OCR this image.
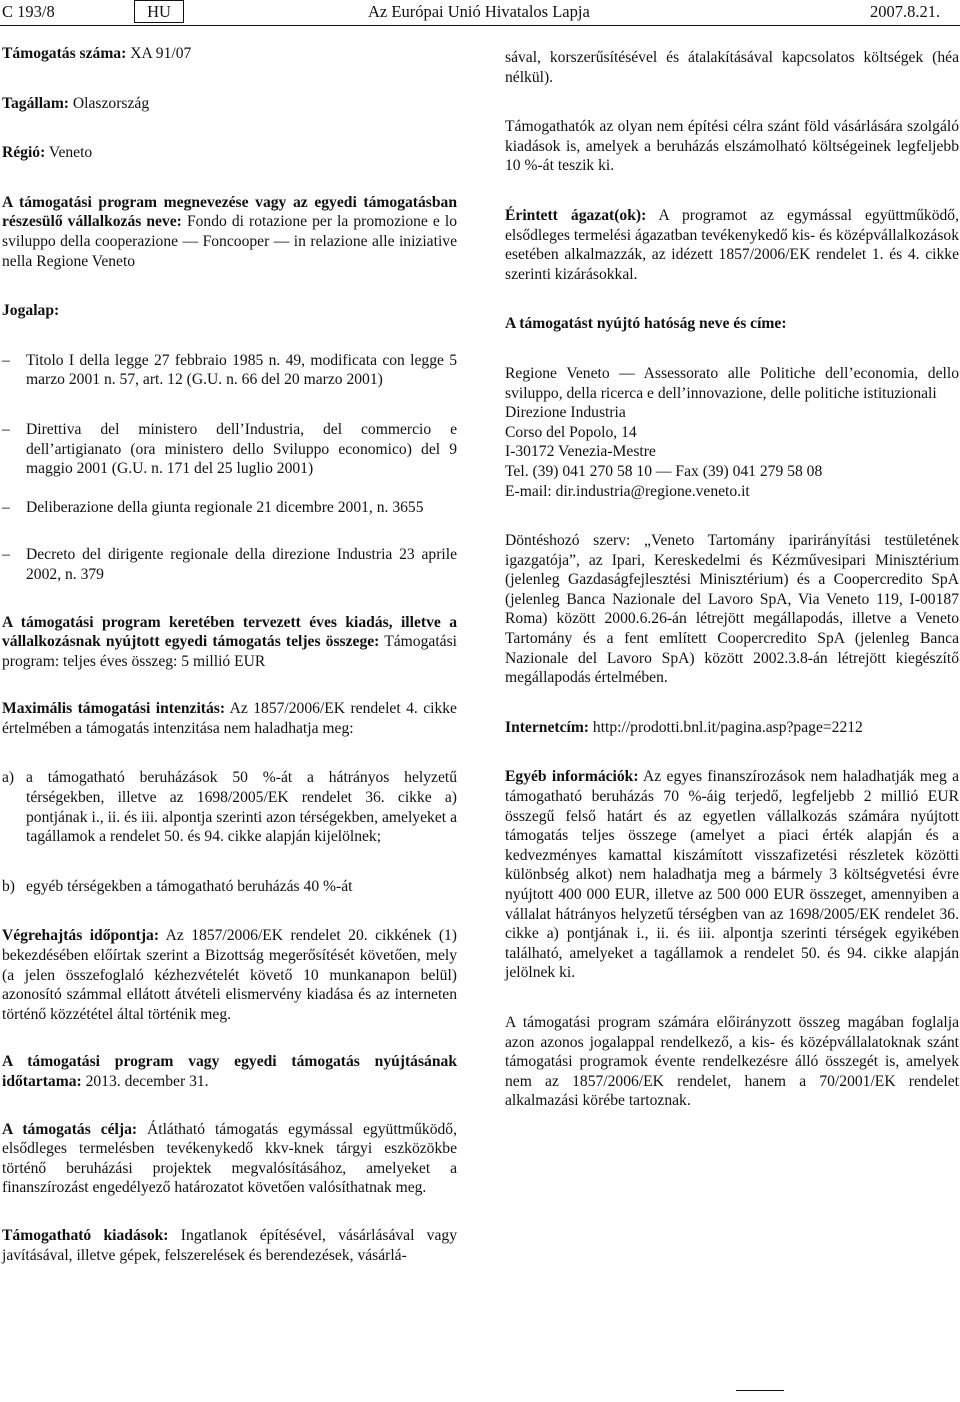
C 193/8	HU	Az Európai Unió Hivatalos Lapja	2007.8.21.

Támogatás száma: XA 91/07

Tagállam: Olaszország

Régió: Veneto

A támogatási program megnevezése vagy az egyedi támogatásban részesülő vállalkozás neve: Fondo di rotazione per la promozione e lo sviluppo della cooperazione — Foncooper — in relazione alle iniziative nella Regione Veneto

Jogalap:

– Titolo I della legge 27 febbraio 1985 n. 49, modificata con legge 5 marzo 2001 n. 57, art. 12 (G.U. n. 66 del 20 marzo 2001)
– Direttiva del ministero dell’Industria, del commercio e dell’artigianato (ora ministero dello Sviluppo economico) del 9 maggio 2001 (G.U. n. 171 del 25 luglio 2001)
– Deliberazione della giunta regionale 21 dicembre 2001, n. 3655
– Decreto del dirigente regionale della direzione Industria 23 aprile 2002, n. 379

A támogatási program keretében tervezett éves kiadás, illetve a vállalkozásnak nyújtott egyedi támogatás teljes összege: Támogatási program: teljes éves összeg: 5 millió EUR

Maximális támogatási intenzitás: Az 1857/2006/EK rendelet 4. cikke értelmében a támogatás intenzitása nem haladhatja meg:

a) a támogatható beruházások 50 %-át a hátrányos helyzetű térségekben, illetve az 1698/2005/EK rendelet 36. cikke a) pontjának i., ii. és iii. alpontja szerinti azon térségekben, amelyeket a tagállamok a rendelet 50. és 94. cikke alapján kijelölnek;
b) egyéb térségekben a támogatható beruházás 40 %-át

Végrehajtás időpontja: Az 1857/2006/EK rendelet 20. cikkének (1) bekezdésében előírtak szerint a Bizottság megerősítését követően, mely (a jelen összefoglaló kézhezvételét követő 10 munkanapon belül) azonosító számmal ellátott átvételi elismervény kiadása és az interneten történő közzététel által történik meg.

A támogatási program vagy egyedi támogatás nyújtásának időtartama: 2013. december 31.

A támogatás célja: Átlátható támogatás egymással együttműködő, elsődleges termelésben tevékenykedő kkv-knek tárgyi eszközökbe történő beruházási projektek megvalósításához, amelyeket a finanszírozást engedélyező határozatot követően valósíthatnak meg.

Támogatható kiadások: Ingatlanok építésével, vásárlásával vagy javításával, illetve gépek, felszerelések és berendezések, vásárlá-

sával, korszerűsítésével és átalakításával kapcsolatos költségek (héa nélkül).

Támogathatók az olyan nem építési célra szánt föld vásárlására szolgáló kiadások is, amelyek a beruházás elszámolható költségeinek legfeljebb 10 %-át teszik ki.

Érintett ágazat(ok): A programot az egymással együttműködő, elsődleges termelési ágazatban tevékenykedő kis- és középvállalkozások esetében alkalmazzák, az idézett 1857/2006/EK rendelet 1. és 4. cikke szerinti kizárásokkal.

A támogatást nyújtó hatóság neve és címe:

Regione Veneto — Assessorato alle Politiche dell’economia, dello sviluppo, della ricerca e dell’innovazione, delle politiche istituzionali

Direzione Industria

Corso del Popolo, 14

I-30172 Venezia-Mestre

Tel. (39) 041 270 58 10 — Fax (39) 041 279 58 08

E-mail: dir.industria@regione.veneto.it

Döntéshozó szerv: „Veneto Tartomány iparirányítási testületének igazgatója”, az Ipari, Kereskedelmi és Kézművesipari Minisztérium (jelenleg Gazdaságfejlesztési Minisztérium) és a Coopercredito SpA (jelenleg Banca Nazionale del Lavoro SpA, Via Veneto 119, I-00187 Roma) között 2000.6.26-án létrejött megállapodás, illetve a Veneto Tartomány és a fent említett Coopercredito SpA (jelenleg Banca Nazionale del Lavoro SpA) között 2002.3.8-án létrejött kiegészítő megállapodás értelmében.

Internetcím: http://prodotti.bnl.it/pagina.asp?page=2212

Egyéb információk: Az egyes finanszírozások nem haladhatják meg a támogatható beruházás 70 %-áig terjedő, legfeljebb 2 millió EUR összegű felső határt és az egyetlen vállalkozás számára nyújtott támogatás teljes összege (amelyet a piaci érték alapján és a kedvezményes kamattal kiszámított visszafizetési részletek közötti különbség alkot) nem haladhatja meg a bármely 3 költségvetési évre nyújtott 400 000 EUR, illetve az 500 000 EUR összeget, amennyiben a vállalat hátrányos helyzetű térségben van az 1698/2005/EK rendelet 36. cikke a) pontjának i., ii. és iii. alpontja szerinti térségek egyikében található, amelyeket a tagállamok a rendelet 50. és 94. cikke alapján jelölnek ki.

A támogatási program számára előirányzott összeg magában foglalja azon azonos jogalappal rendelkező, a kis- és középvállalatoknak szánt támogatási programok évente rendelkezésre álló összegét is, amelyek nem az 1857/2006/EK rendelet, hanem a 70/2001/EK rendelet alkalmazási körébe tartoznak.
